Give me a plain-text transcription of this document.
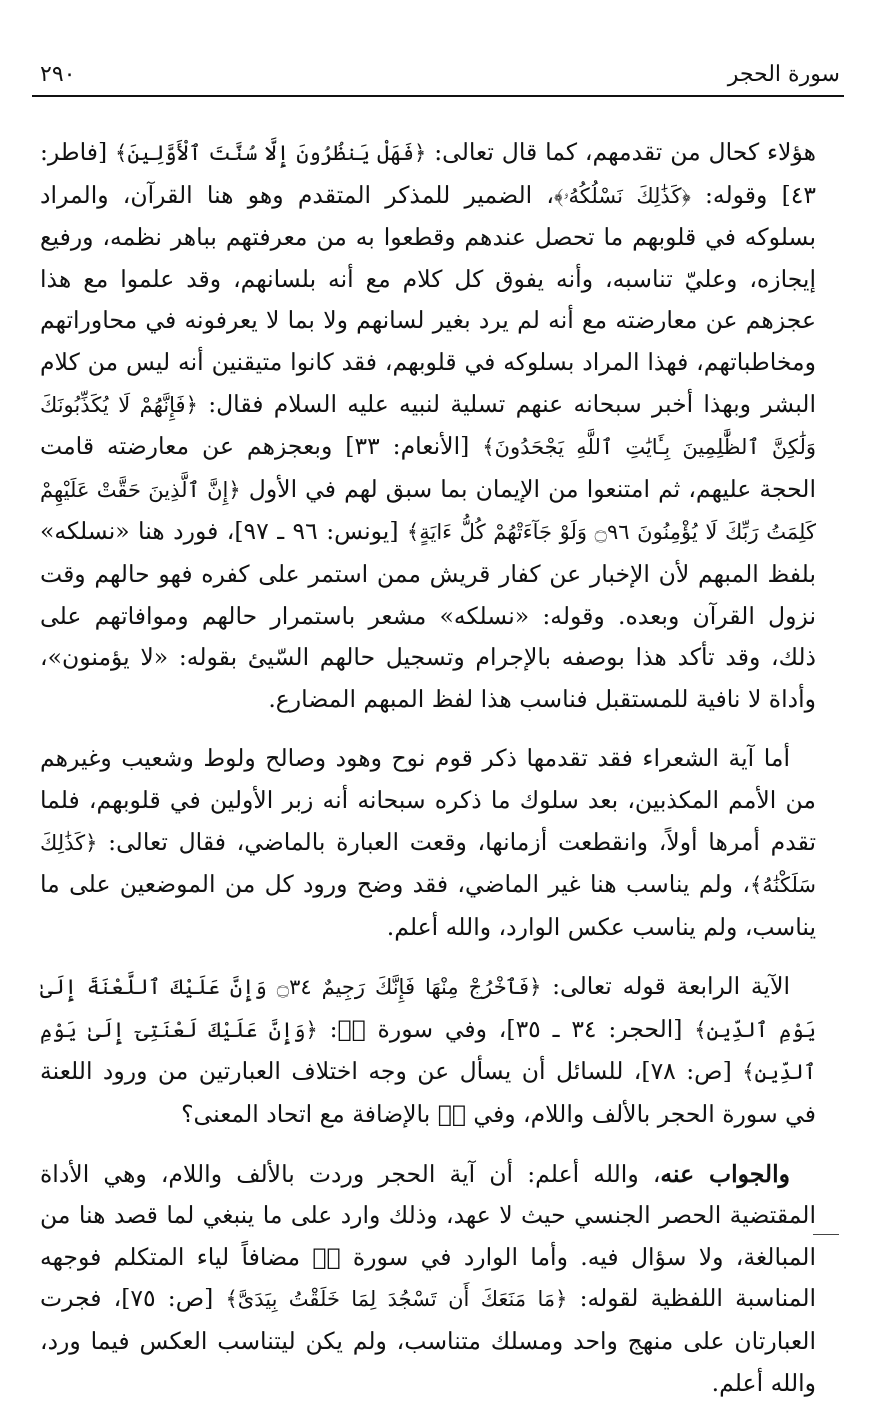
٢٩٠	سورة الحجر

هؤلاء كحال من تقدمهم، كما قال تعالى: ﴿فَهَلْ يَنظُرُونَ إِلَّا سُنَّتَ ٱلْأَوَّلِينَ﴾ [فاطر: ٤٣] وقوله: ﴿كَذَٰلِكَ نَسْلُكُهُۥ﴾، الضمير للمذكر المتقدم وهو هنا القرآن، والمراد بسلوكه في قلوبهم ما تحصل عندهم وقطعوا به من معرفتهم بباهر نظمه، ورفيع إيجازه، وعليّ تناسبه، وأنه يفوق كل كلام مع أنه بلسانهم، وقد علموا مع هذا عجزهم عن معارضته مع أنه لم يرد بغير لسانهم ولا بما لا يعرفونه في محاوراتهم ومخاطباتهم، فهذا المراد بسلوكه في قلوبهم، فقد كانوا متيقنين أنه ليس من كلام البشر وبهذا أخبر سبحانه عنهم تسلية لنبيه عليه السلام فقال: ﴿فَإِنَّهُمْ لَا يُكَذِّبُونَكَ وَلَٰكِنَّ ٱلظَّٰلِمِينَ بِـَٔايَٰتِ ٱللَّهِ يَجْحَدُونَ﴾ [الأنعام: ٣٣] وبعجزهم عن معارضته قامت الحجة عليهم، ثم امتنعوا من الإيمان بما سبق لهم في الأول ﴿إِنَّ ٱلَّذِينَ حَقَّتْ عَلَيْهِمْ كَلِمَتُ رَبِّكَ لَا يُؤْمِنُونَ ۝٩٦ وَلَوْ جَآءَتْهُمْ كُلُّ ءَايَةٍ﴾ [يونس: ٩٦ ـ ٩٧]، فورد هنا «نسلكه» بلفظ المبهم لأن الإخبار عن كفار قريش ممن استمر على كفره فهو حالهم وقت نزول القرآن وبعده. وقوله: «نسلكه» مشعر باستمرار حالهم وموافاتهم على ذلك، وقد تأكد هذا بوصفه بالإجرام وتسجيل حالهم السّيئ بقوله: «لا يؤمنون»، وأداة لا نافية للمستقبل فناسب هذا لفظ المبهم المضارع.

أما آية الشعراء فقد تقدمها ذكر قوم نوح وهود وصالح ولوط وشعيب وغيرهم من الأمم المكذبين، بعد سلوك ما ذكره سبحانه أنه زبر الأولين في قلوبهم، فلما تقدم أمرها أولاً، وانقطعت أزمانها، وقعت العبارة بالماضي، فقال تعالى: ﴿كَذَٰلِكَ سَلَكْنَٰهُ﴾، ولم يناسب هنا غير الماضي، فقد وضح ورود كل من الموضعين على ما يناسب، ولم يناسب عكس الوارد، والله أعلم.

الآية الرابعة قوله تعالى: ﴿فَٱخْرُجْ مِنْهَا فَإِنَّكَ رَجِيمٌ ۝٣٤ وَإِنَّ عَلَيْكَ ٱللَّعْنَةَ إِلَىٰ يَوْمِ ٱلدِّينِ﴾ [الحجر: ٣٤ ـ ٣٥]، وفي سورة صۤ: ﴿وَإِنَّ عَلَيْكَ لَعْنَتِىٓ إِلَىٰ يَوْمِ ٱلدِّينِ﴾ [ص: ٧٨]، للسائل أن يسأل عن وجه اختلاف العبارتين من ورود اللعنة في سورة الحجر بالألف واللام، وفي صۤ بالإضافة مع اتحاد المعنى؟

والجواب عنه، والله أعلم: أن آية الحجر وردت بالألف واللام، وهي الأداة المقتضية الحصر الجنسي حيث لا عهد، وذلك وارد على ما ينبغي لما قصد هنا من المبالغة، ولا سؤال فيه. وأما الوارد في سورة صۤ مضافاً لياء المتكلم فوجهه المناسبة اللفظية لقوله: ﴿مَا مَنَعَكَ أَن تَسْجُدَ لِمَا خَلَقْتُ بِيَدَىَّ﴾ [ص: ٧٥]، فجرت العبارتان على منهج واحد ومسلك متناسب، ولم يكن ليتناسب العكس فيما ورد، والله أعلم.
